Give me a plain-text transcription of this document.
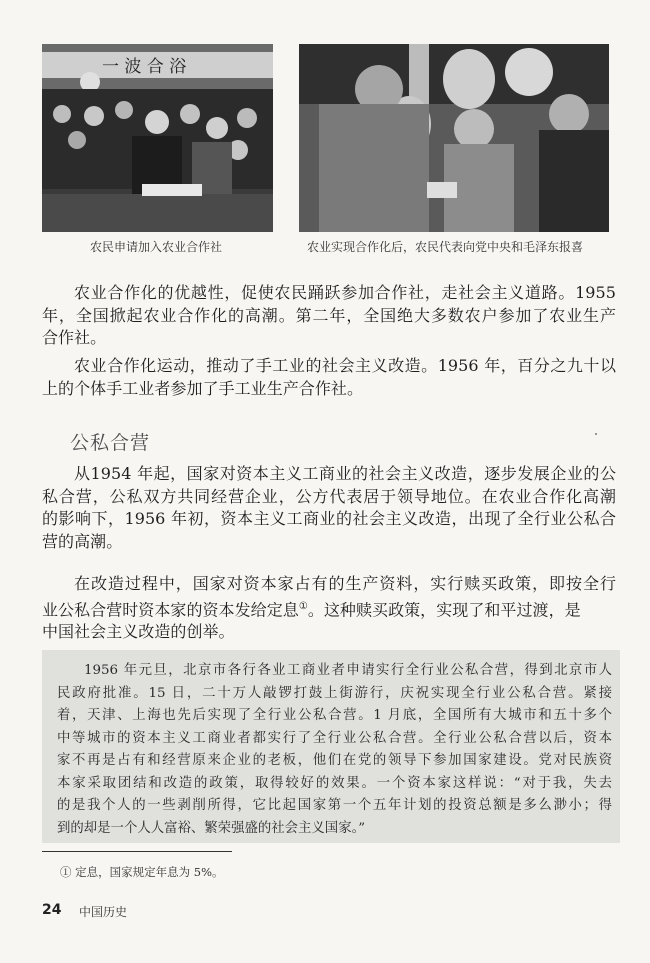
一 波 合 浴
农民申请加入农业合作社	农业实现合作化后，农民代表向党中央和毛泽东报喜

农业合作化的优越性，促使农民踊跃参加合作社，走社会主义道路。1955
年，全国掀起农业合作化的高潮。第二年，全国绝大多数农户参加了农业生产
合作社。

农业合作化运动，推动了手工业的社会主义改造。1956 年，百分之九十以
上的个体手工业者参加了手工业生产合作社。

公私合营

从1954 年起，国家对资本主义工商业的社会主义改造，逐步发展企业的公
私合营，公私双方共同经营企业，公方代表居于领导地位。在农业合作化高潮
的影响下，1956 年初，资本主义工商业的社会主义改造，出现了全行业公私合
营的高潮。

在改造过程中，国家对资本家占有的生产资料，实行赎买政策，即按全行
业公私合营时资本家的资本发给定息①。这种赎买政策，实现了和平过渡，是
中国社会主义改造的创举。

1956 年元旦，北京市各行各业工商业者申请实行全行业公私合营，得到北京市人
民政府批准。15 日，二十万人敲锣打鼓上街游行，庆祝实现全行业公私合营。紧接
着，天津、上海也先后实现了全行业公私合营。1 月底，全国所有大城市和五十多个
中等城市的资本主义工商业者都实行了全行业公私合营。全行业公私合营以后，资本
家不再是占有和经营原来企业的老板，他们在党的领导下参加国家建设。党对民族资
本家采取团结和改造的政策，取得较好的效果。一个资本家这样说：“对于我，失去
的是我个人的一些剥削所得，它比起国家第一个五年计划的投资总额是多么渺小；得
到的却是一个人人富裕、繁荣强盛的社会主义国家。”

① 定息，国家规定年息为 5%。
24 中国历史
